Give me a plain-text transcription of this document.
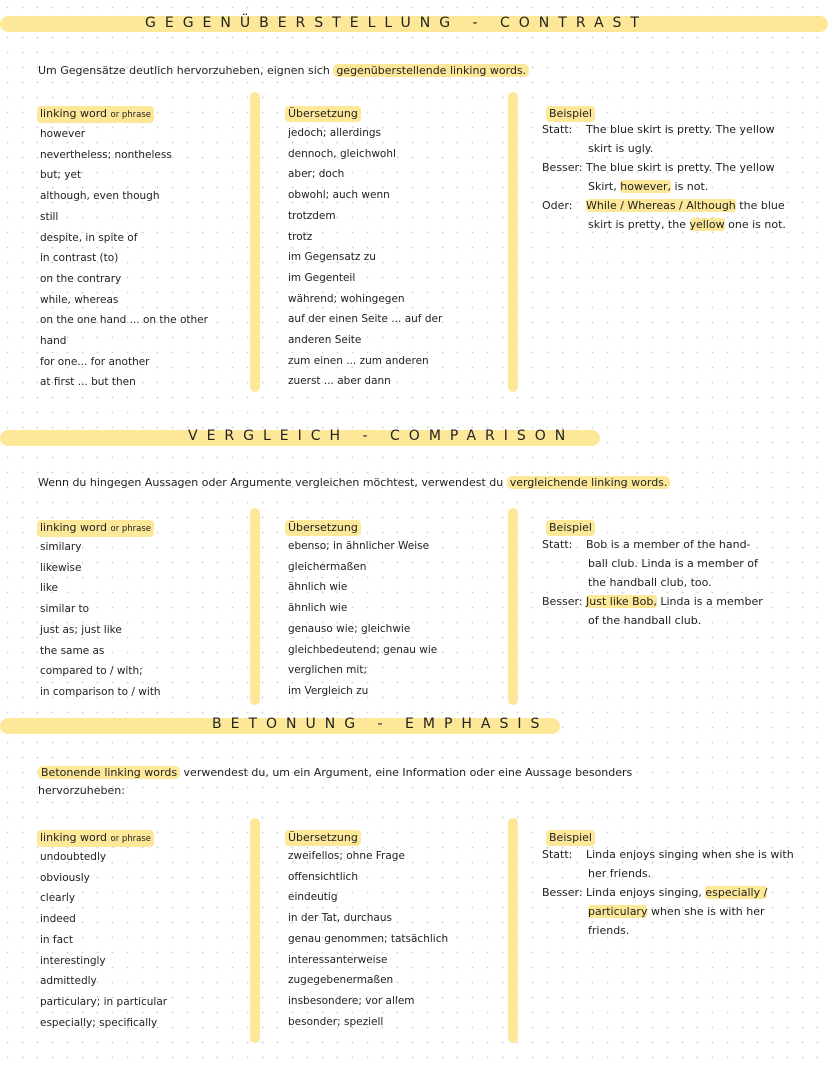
GEGENÜBERSTELLUNG - CONTRAST
Um Gegensätze deutlich hervorzuheben, eignen sich gegenüberstellende linking words.
linking word or phrase
however
nevertheless; nontheless
but; yet
although, even though
still
despite, in spite of
in contrast (to)
on the contrary
while, whereas
on the one hand ... on the other
hand
for one... for another
at first ... but then
Übersetzung
jedoch; allerdings
dennoch, gleichwohl
aber; doch
obwohl; auch wenn
trotzdem
trotz
im Gegensatz zu
im Gegenteil
während; wohingegen
auf der einen Seite ... auf der
anderen Seite
zum einen ... zum anderen
zuerst ... aber dann
Beispiel
Statt: The blue skirt is pretty. The yellow
skirt is ugly.
Besser: The blue skirt is pretty. The yellow
Skirt, however, is not.
Oder: While / Whereas / Although the blue
skirt is pretty, the yellow one is not.
VERGLEICH - COMPARISON
Wenn du hingegen Aussagen oder Argumente vergleichen möchtest, verwendest du vergleichende linking words.
linking word or phrase
similary
likewise
like
similar to
just as; just like
the same as
compared to / with;
in comparison to / with
Übersetzung
ebenso; in ähnlicher Weise
gleichermaßen
ähnlich wie
ähnlich wie
genauso wie; gleichwie
gleichbedeutend; genau wie
verglichen mit;
im Vergleich zu
Beispiel
Statt: Bob is a member of the hand-
ball club. Linda is a member of
the handball club, too.
Besser: Just like Bob, Linda is a member
of the handball club.
BETONUNG - EMPHASIS
Betonende linking words verwendest du, um ein Argument, eine Information oder eine Aussage besonders
hervorzuheben:
linking word or phrase
undoubtedly
obviously
clearly
indeed
in fact
interestingly
admittedly
particulary; in particular
especially; specifically
Übersetzung
zweifellos; ohne Frage
offensichtlich
eindeutig
in der Tat, durchaus
genau genommen; tatsächlich
interessanterweise
zugegebenermaßen
insbesondere; vor allem
besonder; speziell
Beispiel
Statt: Linda enjoys singing when she is with
her friends.
Besser: Linda enjoys singing, especially /
particulary when she is with her
friends.
